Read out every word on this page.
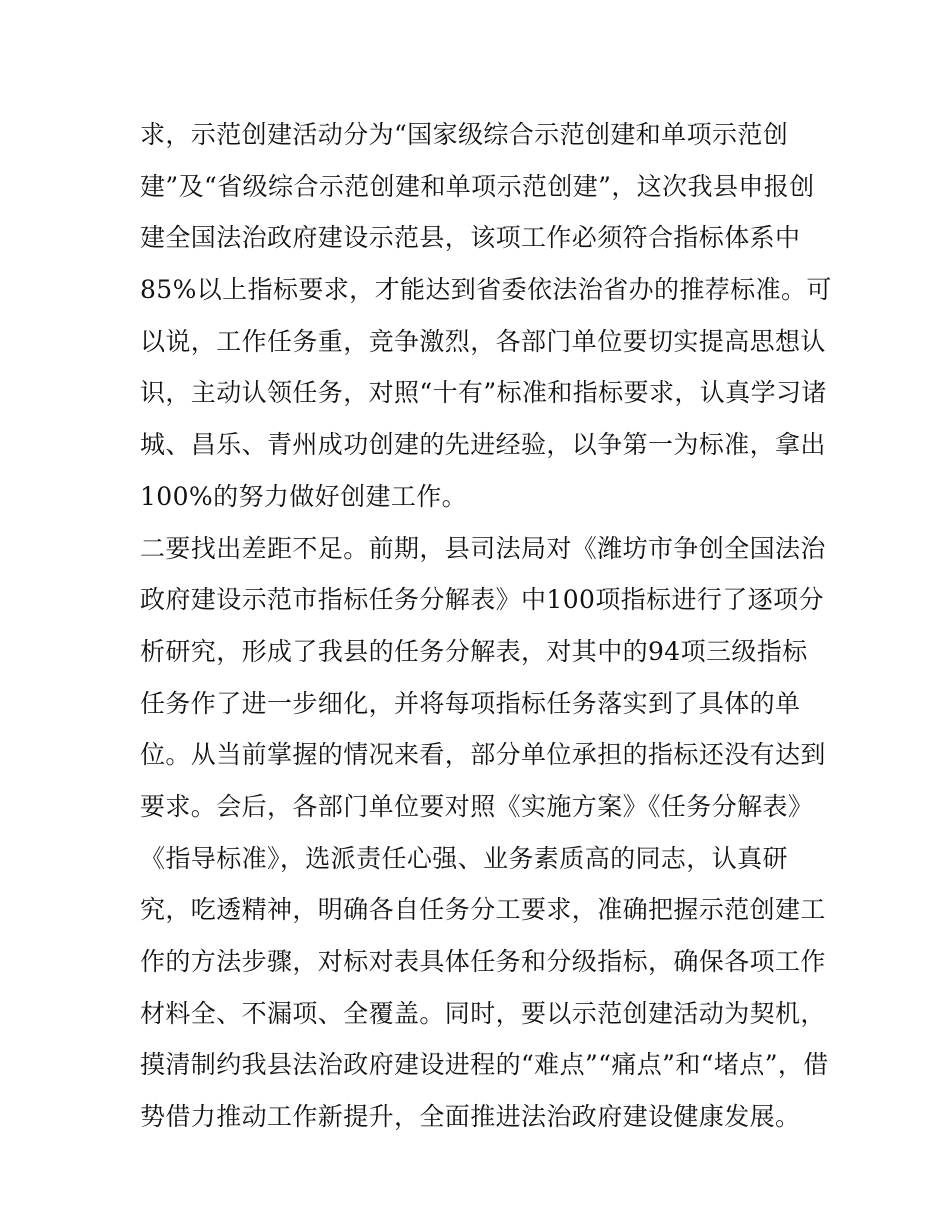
求，示范创建活动分为“国家级综合示范创建和单项示范创
建”及“省级综合示范创建和单项示范创建”，这次我县申报创
建全国法治政府建设示范县，该项工作必须符合指标体系中
85%以上指标要求，才能达到省委依法治省办的推荐标准。可
以说，工作任务重，竞争激烈，各部门单位要切实提高思想认
识，主动认领任务，对照“十有”标准和指标要求，认真学习诸
城、昌乐、青州成功创建的先进经验，以争第一为标准，拿出
100%的努力做好创建工作。
二要找出差距不足。前期，县司法局对《潍坊市争创全国法治
政府建设示范市指标任务分解表》中100项指标进行了逐项分
析研究，形成了我县的任务分解表，对其中的94项三级指标
任务作了进一步细化，并将每项指标任务落实到了具体的单
位。从当前掌握的情况来看，部分单位承担的指标还没有达到
要求。会后，各部门单位要对照《实施方案》《任务分解表》
《指导标准》，选派责任心强、业务素质高的同志，认真研
究，吃透精神，明确各自任务分工要求，准确把握示范创建工
作的方法步骤，对标对表具体任务和分级指标，确保各项工作
材料全、不漏项、全覆盖。同时，要以示范创建活动为契机，
摸清制约我县法治政府建设进程的“难点”“痛点”和“堵点”，借
势借力推动工作新提升，全面推进法治政府建设健康发展。
